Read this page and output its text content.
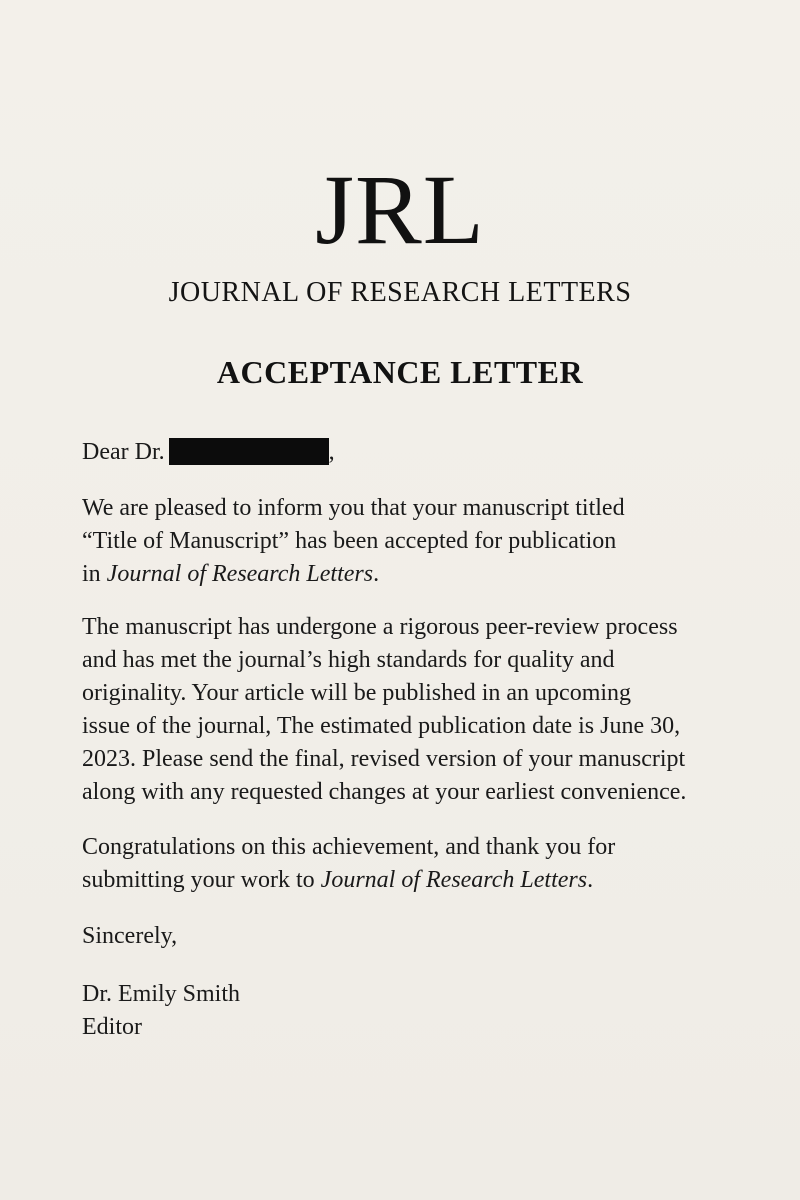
JRL
JOURNAL OF RESEARCH LETTERS
ACCEPTANCE LETTER
Dear Dr.	,
We are pleased to inform you that your manuscript titled
“Title of Manuscript” has been accepted for publication
in Journal of Research Letters.
The manuscript has undergone a rigorous peer-review process
and has met the journal’s high standards for quality and
originality. Your article will be published in an upcoming
issue of the journal, The estimated publication date is June 30,
2023. Please send the final, revised version of your manuscript
along with any requested changes at your earliest convenience.
Congratulations on this achievement, and thank you for
submitting your work to Journal of Research Letters.
Sincerely,
Dr. Emily Smith
Editor
